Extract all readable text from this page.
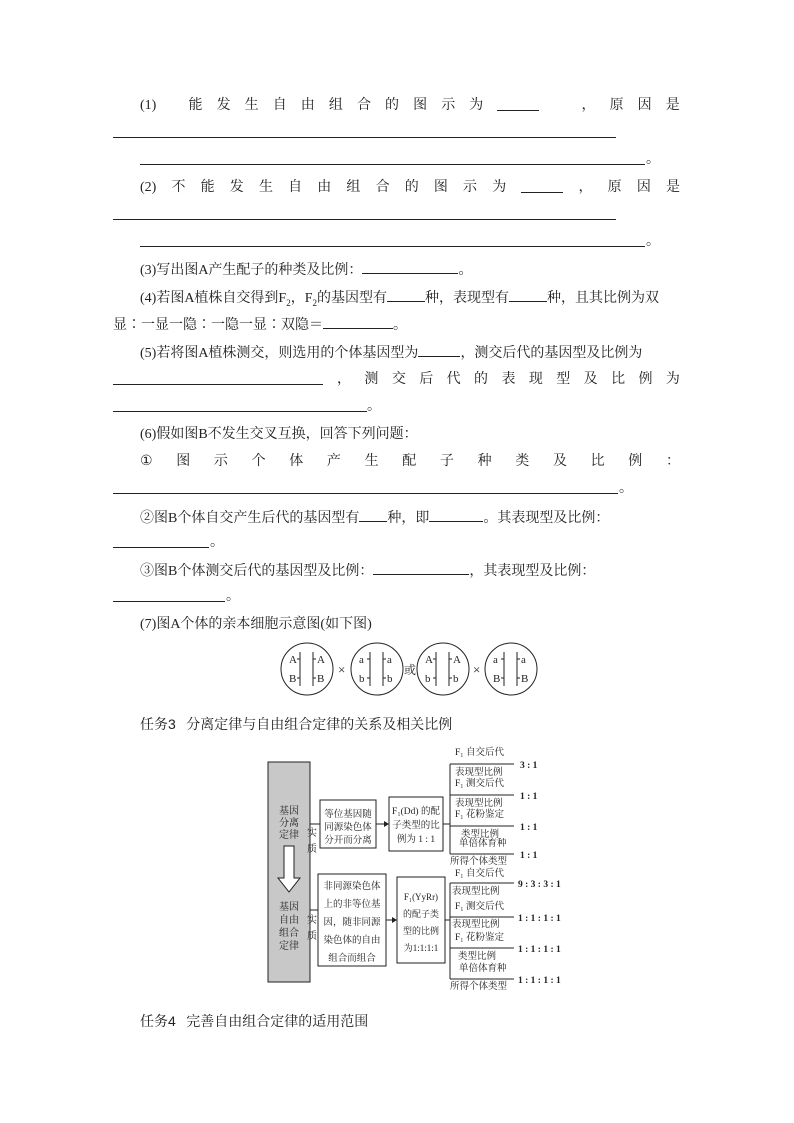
(1) 能 发 生 自 由 组 合 的 图 示 为	， 原 因 是
。
(2) 不 能 发 生 自 由 组 合 的 图 示 为	， 原 因 是
。
(3)写出图A产生配子的种类及比例：	。
(4)若图A植株自交得到$F_2$，$F_2$的基因型有	种，表现型有	种，且其比例为双
显∶一显一隐∶一隐一显∶双隐＝	。
(5)若将图A植株测交，则选用的个体基因型为	，测交后代的基因型及比例为
， 测 交 后 代 的 表 现 型 及 比 例 为
。
(6)假如图B不发生交叉互换，回答下列问题：
① 图 示 个 体 产 生 配 子 种 类 及 比 例 ：
。
②图B个体自交产生后代的基因型有 种，即	。其表现型及比例：
。
③图B个体测交后代的基因型及比例：	，其表现型及比例：
。
(7)图A个体的亲本细胞示意图(如下图)
A A
B B
×
a a
b b
或
A A
b b
×
a a
B B
任务3 分离定律与自由组合定律的关系及相关比例
基因
分离
定律
基因
自由
组合
定律
实
质
等位基因随
同源染色体
分开而分离
F₁(Dd) 的配
子类型的比
例为 1 : 1
F₁ 自交后代
表现型比例
3 : 1
F₁ 测交后代
表现型比例
1 : 1
F₁ 花粉鉴定
类型比例
1 : 1
单倍体育种
所得个体类型
1 : 1
实
质
非同源染色体
上的非等位基
因，随非同源
染色体的自由
组合而组合
F₁(YyRr)
的配子类
型的比例
为1:1:1:1
F₁ 自交后代
表现型比例
9 : 3 : 3 : 1
F₁ 测交后代
表现型比例
1 : 1 : 1 : 1
F₁ 花粉鉴定
类型比例
1 : 1 : 1 : 1
单倍体育种
所得个体类型
1 : 1 : 1 : 1
任务4 完善自由组合定律的适用范围
